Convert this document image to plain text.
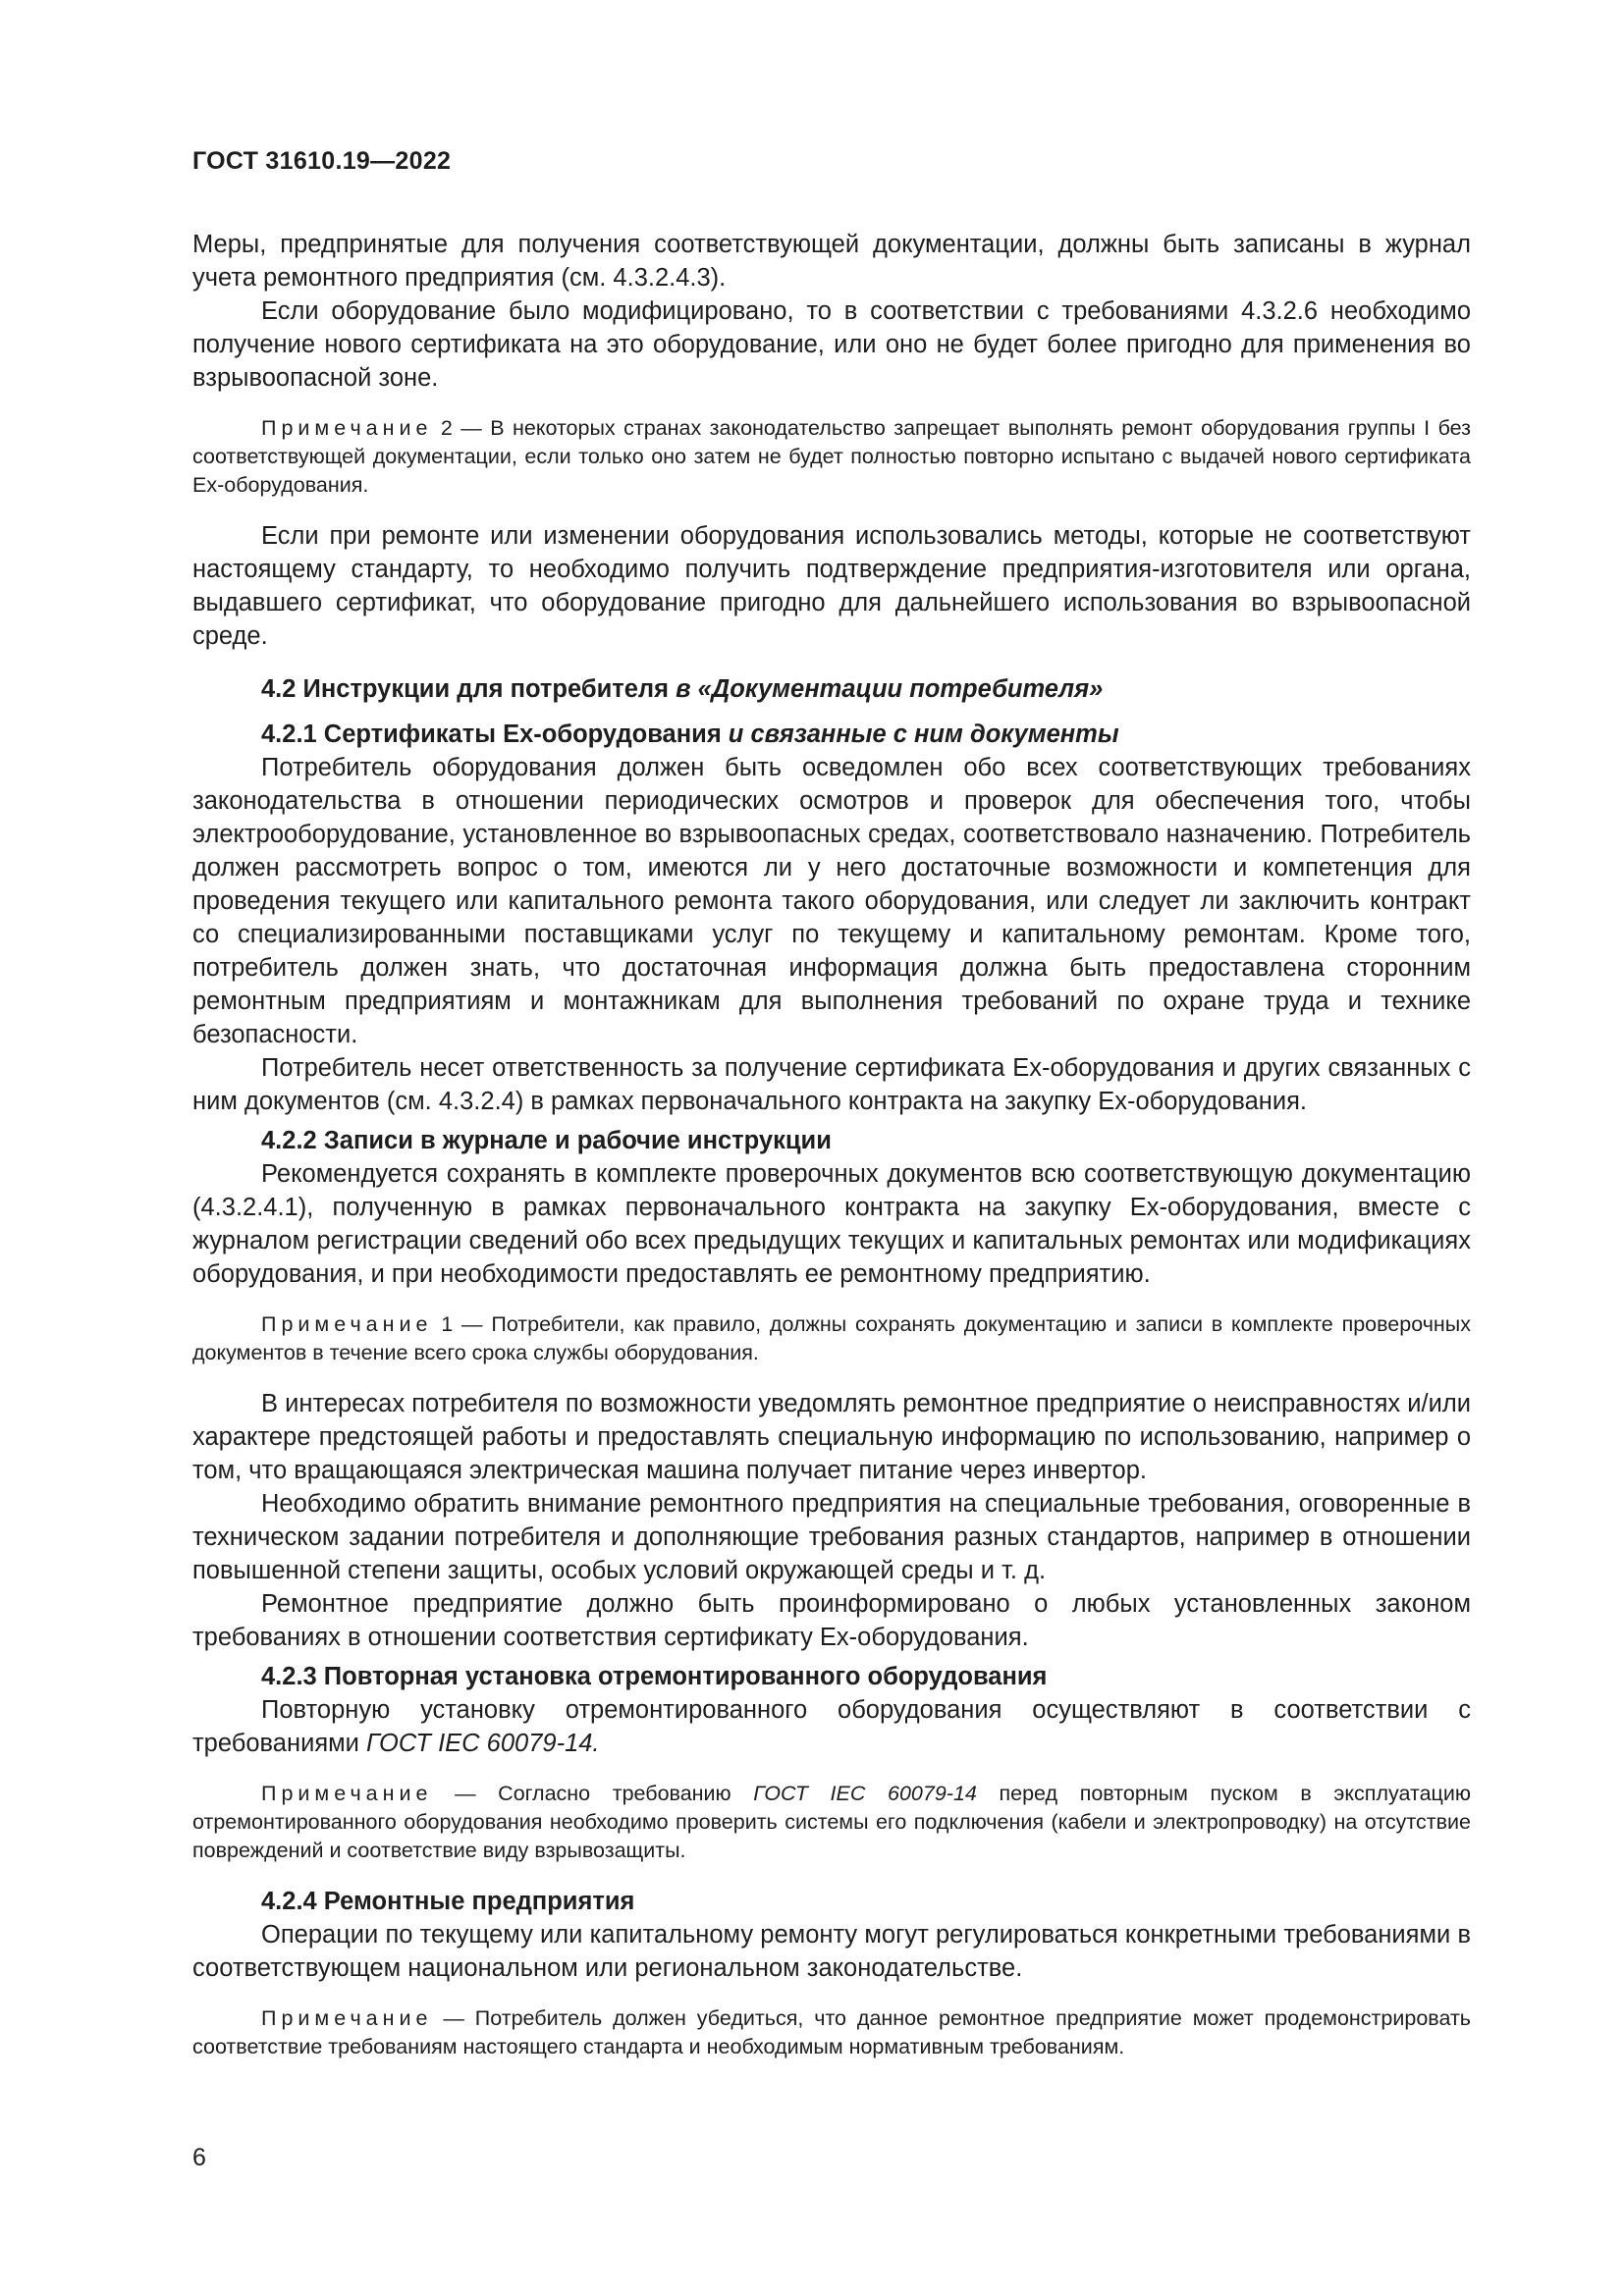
ГОСТ 31610.19—2022

Меры, предпринятые для получения соответствующей документации, должны быть записаны в журнал учета ремонтного предприятия (см. 4.3.2.4.3).

Если оборудование было модифицировано, то в соответствии с требованиями 4.3.2.6 необходимо получение нового сертификата на это оборудование, или оно не будет более пригодно для применения во взрывоопасной зоне.

Примечание 2 — В некоторых странах законодательство запрещает выполнять ремонт оборудования группы I без соответствующей документации, если только оно затем не будет полностью повторно испытано с выдачей нового сертификата Ex-оборудования.

Если при ремонте или изменении оборудования использовались методы, которые не соответствуют настоящему стандарту, то необходимо получить подтверждение предприятия-изготовителя или органа, выдавшего сертификат, что оборудование пригодно для дальнейшего использования во взрывоопасной среде.

4.2 Инструкции для потребителя в «Документации потребителя»
4.2.1 Сертификаты Ex-оборудования и связанные с ним документы

Потребитель оборудования должен быть осведомлен обо всех соответствующих требованиях законодательства в отношении периодических осмотров и проверок для обеспечения того, чтобы электрооборудование, установленное во взрывоопасных средах, соответствовало назначению. Потребитель должен рассмотреть вопрос о том, имеются ли у него достаточные возможности и компетенция для проведения текущего или капитального ремонта такого оборудования, или следует ли заключить контракт со специализированными поставщиками услуг по текущему и капитальному ремонтам. Кроме того, потребитель должен знать, что достаточная информация должна быть предоставлена сторонним ремонтным предприятиям и монтажникам для выполнения требований по охране труда и технике безопасности.

Потребитель несет ответственность за получение сертификата Ex-оборудования и других связанных с ним документов (см. 4.3.2.4) в рамках первоначального контракта на закупку Ex-оборудования.

4.2.2 Записи в журнале и рабочие инструкции

Рекомендуется сохранять в комплекте проверочных документов всю соответствующую документацию (4.3.2.4.1), полученную в рамках первоначального контракта на закупку Ex-оборудования, вместе с журналом регистрации сведений обо всех предыдущих текущих и капитальных ремонтах или модификациях оборудования, и при необходимости предоставлять ее ремонтному предприятию.

Примечание 1 — Потребители, как правило, должны сохранять документацию и записи в комплекте проверочных документов в течение всего срока службы оборудования.

В интересах потребителя по возможности уведомлять ремонтное предприятие о неисправностях и/или характере предстоящей работы и предоставлять специальную информацию по использованию, например о том, что вращающаяся электрическая машина получает питание через инвертор.

Необходимо обратить внимание ремонтного предприятия на специальные требования, оговоренные в техническом задании потребителя и дополняющие требования разных стандартов, например в отношении повышенной степени защиты, особых условий окружающей среды и т. д.

Ремонтное предприятие должно быть проинформировано о любых установленных законом требованиях в отношении соответствия сертификату Ex-оборудования.

4.2.3 Повторная установка отремонтированного оборудования

Повторную установку отремонтированного оборудования осуществляют в соответствии с требованиями ГОСТ IEC 60079-14.

Примечание — Согласно требованию ГОСТ IEC 60079-14 перед повторным пуском в эксплуатацию отремонтированного оборудования необходимо проверить системы его подключения (кабели и электропроводку) на отсутствие повреждений и соответствие виду взрывозащиты.
4.2.4 Ремонтные предприятия

Операции по текущему или капитальному ремонту могут регулироваться конкретными требованиями в соответствующем национальном или региональном законодательстве.

Примечание — Потребитель должен убедиться, что данное ремонтное предприятие может продемонстрировать соответствие требованиям настоящего стандарта и необходимым нормативным требованиям.
6
